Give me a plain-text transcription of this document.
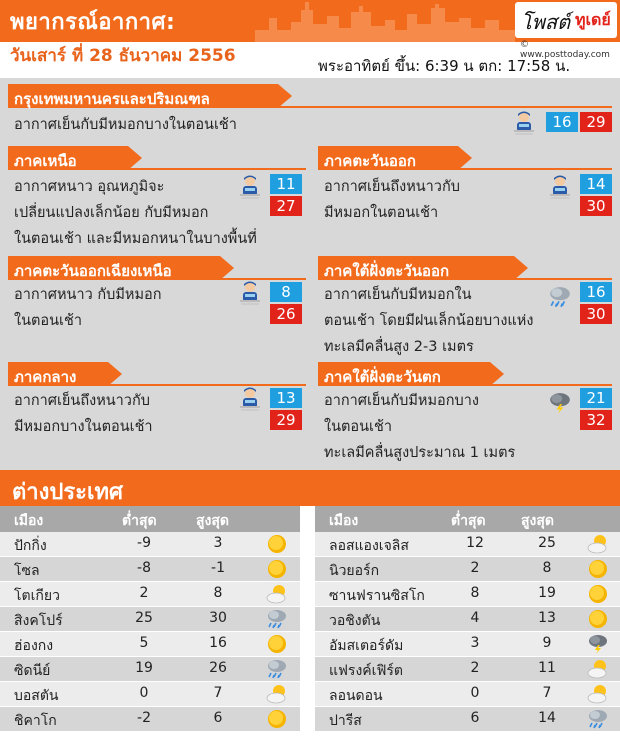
พยากรณ์อากาศ:
วันเสาร์ ที่ 28 ธันวาคม 2556
โพสต์ ทูเดย์
© www.posttoday.com
พระอาทิตย์ ขึ้น: 6:39 น ตก: 17:58 น.
กรุงเทพมหานครและปริมณฑล
อากาศเย็นกับมีหมอกบางในตอนเช้า	16 29
ภาคเหนือ
อากาศหนาว อุณหภูมิจะ
เปลี่ยนแปลงเล็กน้อย กับมีหมอก
ในตอนเช้า และมีหมอกหนาในบางพื้นที่
11
27
ภาคตะวันออก
อากาศเย็นถึงหนาวกับ
มีหมอกในตอนเช้า
14
30
ภาคตะวันออกเฉียงเหนือ
อากาศหนาว กับมีหมอก
ในตอนเช้า
8
26
ภาคใต้ฝั่งตะวันออก
อากาศเย็นกับมีหมอกใน
ตอนเช้า โดยมีฝนเล็กน้อยบางแห่ง
ทะเลมีคลื่นสูง 2-3 เมตร
16
30
ภาคกลาง
อากาศเย็นถึงหนาวกับ
มีหมอกบางในตอนเช้า
13
29
ภาคใต้ฝั่งตะวันตก
อากาศเย็นกับมีหมอกบาง
ในตอนเช้า
ทะเลมีคลื่นสูงประมาณ 1 เมตร
21
32
ต่างประเทศ
เมือง	ต่ำสุด	สูงสุด
ปักกิ่ง	-9	3
โซล	-8	-1
โตเกียว	2	8
สิงคโปร์	25	30
ฮ่องกง	5	16
ซิดนีย์	19	26
บอสตัน	0	7
ชิคาโก	-2	6
เมือง	ต่ำสุด	สูงสุด
ลอสแองเจลิส	12	25
นิวยอร์ก	2	8
ซานฟรานซิสโก	8	19
วอชิงตัน	4	13
อัมสเตอร์ดัม	3	9
แฟรงค์เฟิร์ต	2	11
ลอนดอน	0	7
ปารีส	6	14
